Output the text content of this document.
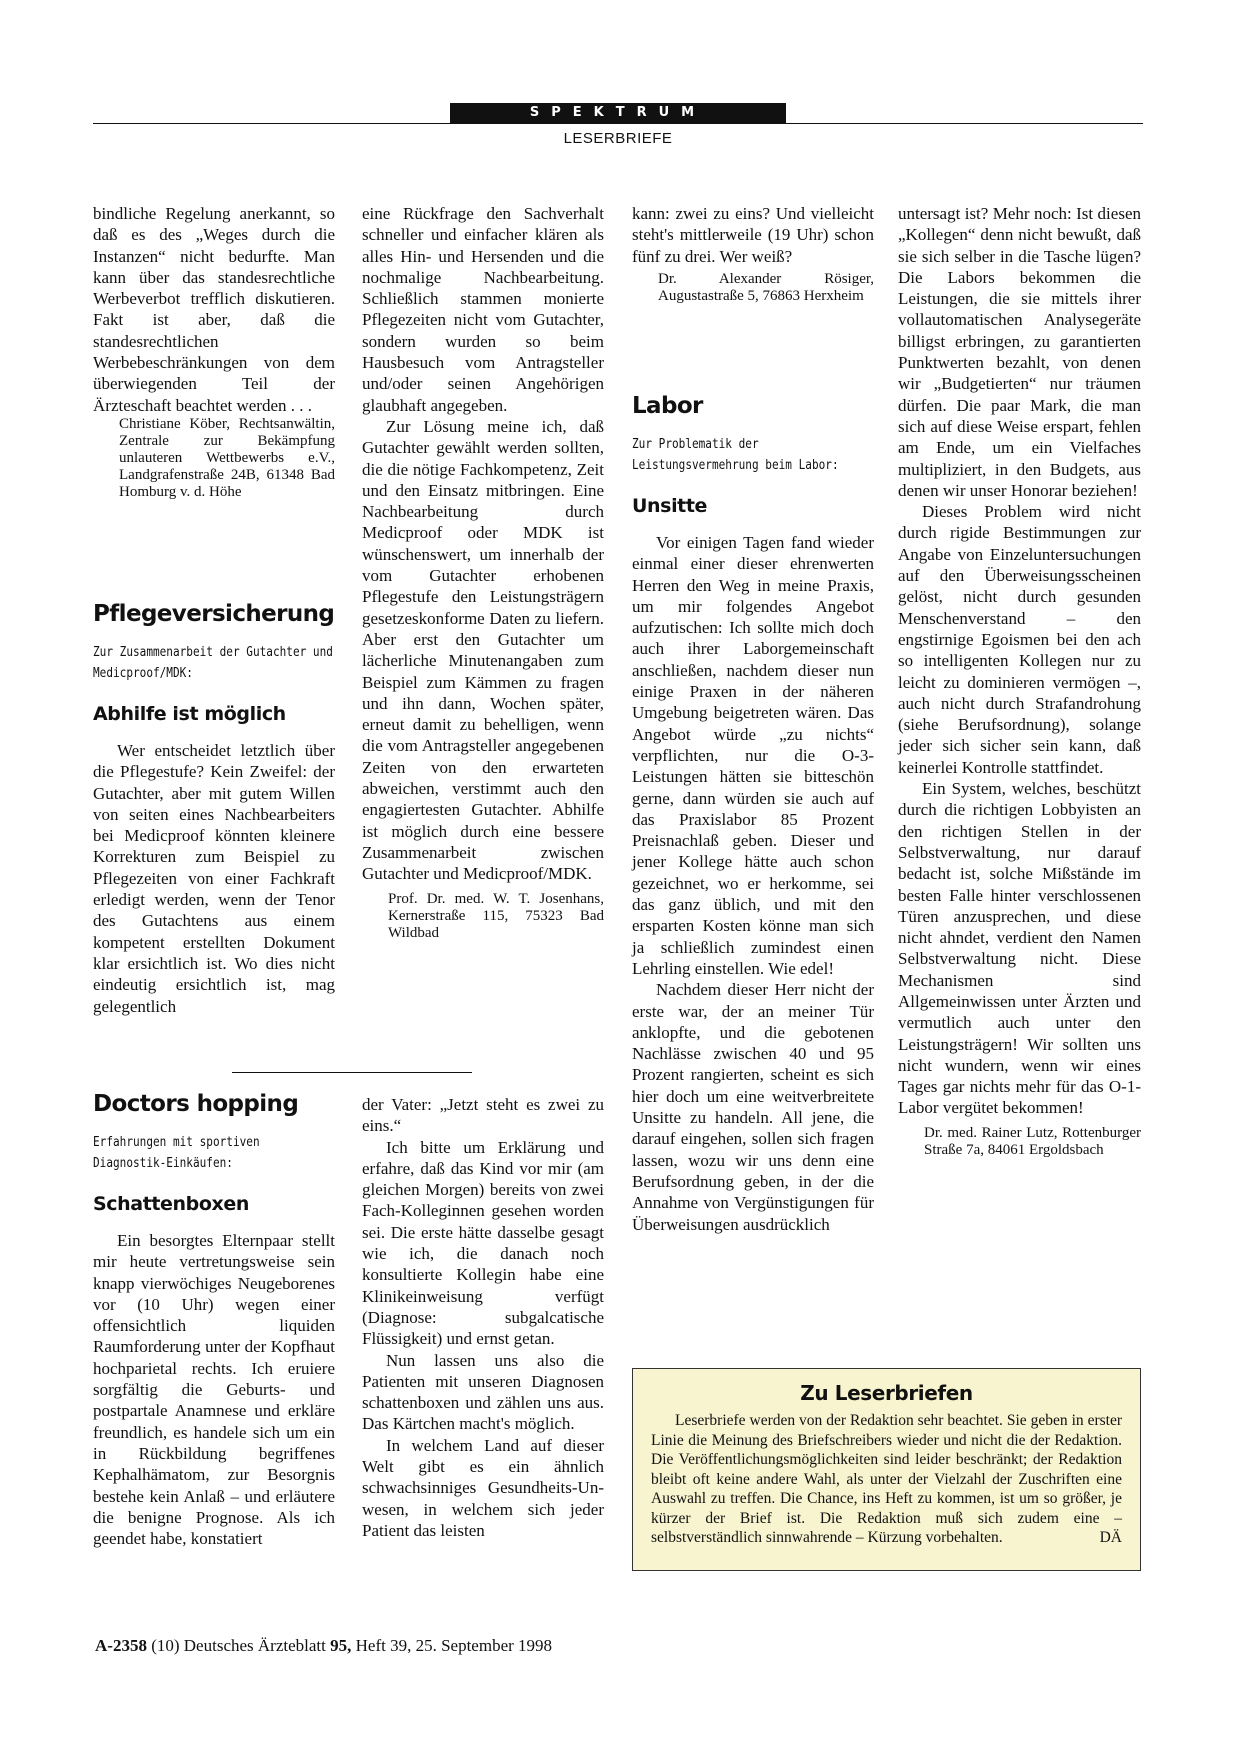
SPEKTRUM
LESERBRIEFE

bindliche Regelung anerkannt, so daß es des „Weges durch die Instanzen“ nicht bedurfte. Man kann über das standesrechtliche Werbeverbot trefflich diskutieren. Fakt ist aber, daß die standesrechtlichen Werbebeschränkungen von dem überwiegenden Teil der Ärzteschaft beachtet werden . . .

Christiane Köber, Rechtsanwältin, Zentrale zur Bekämpfung unlauteren Wettbewerbs e.V., Landgrafenstraße 24B, 61348 Bad Homburg v. d. Höhe

Pflegeversicherung

Zur Zusammenarbeit der Gutachter und Medicproof/MDK:

Abhilfe ist möglich

Wer entscheidet letztlich über die Pflegestufe? Kein Zweifel: der Gutachter, aber mit gutem Willen von seiten eines Nachbearbeiters bei Medicproof könnten kleinere Korrekturen zum Beispiel zu Pflegezeiten von einer Fachkraft erledigt werden, wenn der Tenor des Gutachtens aus einem kompetent erstellten Dokument klar ersichtlich ist. Wo dies nicht eindeutig ersichtlich ist, mag gelegentlich

eine Rückfrage den Sachverhalt schneller und einfacher klären als alles Hin- und Hersenden und die nochmalige Nachbearbeitung. Schließlich stammen monierte Pflegezeiten nicht vom Gutachter, sondern wurden so beim Hausbesuch vom Antragsteller und/oder seinen Angehörigen glaubhaft angegeben.

Zur Lösung meine ich, daß Gutachter gewählt werden sollten, die die nötige Fachkompetenz, Zeit und den Einsatz mitbringen. Eine Nachbearbeitung durch Medicproof oder MDK ist wünschenswert, um innerhalb der vom Gutachter erhobenen Pflegestufe den Leistungsträgern gesetzeskonforme Daten zu liefern. Aber erst den Gutachter um lächerliche Minutenangaben zum Beispiel zum Kämmen zu fragen und ihn dann, Wochen später, erneut damit zu behelligen, wenn die vom Antragsteller angegebenen Zeiten von den erwarteten abweichen, verstimmt auch den engagiertesten Gutachter. Abhilfe ist möglich durch eine bessere Zusammenarbeit zwischen Gutachter und Medicproof/MDK.

Prof. Dr. med. W. T. Josenhans, Kernerstraße 115, 75323 Bad Wildbad

Doctors hopping

Erfahrungen mit sportiven Diagnostik-Einkäufen:

Schattenboxen

Ein besorgtes Elternpaar stellt mir heute vertretungsweise sein knapp vierwöchiges Neugeborenes vor (10 Uhr) wegen einer offensichtlich liquiden Raumforderung unter der Kopfhaut hochparietal rechts. Ich eruiere sorgfältig die Geburts- und postpartale Anamnese und erkläre freundlich, es handele sich um ein in Rückbildung begriffenes Kephalhämatom, zur Besorgnis bestehe kein Anlaß – und erläutere die benigne Prognose. Als ich geendet habe, konstatiert

der Vater: „Jetzt steht es zwei zu eins.“

Ich bitte um Erklärung und erfahre, daß das Kind vor mir (am gleichen Morgen) bereits von zwei Fach-Kolleginnen gesehen worden sei. Die erste hätte dasselbe gesagt wie ich, die danach noch konsultierte Kollegin habe eine Klinikeinweisung verfügt (Diagnose: subgalcatische Flüssigkeit) und ernst getan.

Nun lassen uns also die Patienten mit unseren Diagnosen schattenboxen und zählen uns aus. Das Kärtchen macht's möglich.

In welchem Land auf dieser Welt gibt es ein ähnlich schwachsinniges Gesundheits-Un-wesen, in welchem sich jeder Patient das leisten

kann: zwei zu eins? Und vielleicht steht's mittlerweile (19 Uhr) schon fünf zu drei. Wer weiß?

Dr. Alexander Rösiger, Augustastraße 5, 76863 Herxheim

Labor

Zur Problematik der Leistungsvermehrung beim Labor:

Unsitte

Vor einigen Tagen fand wieder einmal einer dieser ehrenwerten Herren den Weg in meine Praxis, um mir folgendes Angebot aufzutischen: Ich sollte mich doch auch ihrer Laborgemeinschaft anschließen, nachdem dieser nun einige Praxen in der näheren Umgebung beigetreten wären. Das Angebot würde „zu nichts“ verpflichten, nur die O-3-Leistungen hätten sie bitteschön gerne, dann würden sie auch auf das Praxislabor 85 Prozent Preisnachlaß geben. Dieser und jener Kollege hätte auch schon gezeichnet, wo er herkomme, sei das ganz üblich, und mit den ersparten Kosten könne man sich ja schließlich zumindest einen Lehrling einstellen. Wie edel!

Nachdem dieser Herr nicht der erste war, der an meiner Tür anklopfte, und die gebotenen Nachlässe zwischen 40 und 95 Prozent rangierten, scheint es sich hier doch um eine weitverbreitete Unsitte zu handeln. All jene, die darauf eingehen, sollen sich fragen lassen, wozu wir uns denn eine Berufsordnung geben, in der die Annahme von Vergünstigungen für Überweisungen ausdrücklich

untersagt ist? Mehr noch: Ist diesen „Kollegen“ denn nicht bewußt, daß sie sich selber in die Tasche lügen? Die Labors bekommen die Leistungen, die sie mittels ihrer vollautomatischen Analysegeräte billigst erbringen, zu garantierten Punktwerten bezahlt, von denen wir „Budgetierten“ nur träumen dürfen. Die paar Mark, die man sich auf diese Weise erspart, fehlen am Ende, um ein Vielfaches multipliziert, in den Budgets, aus denen wir unser Honorar beziehen!

Dieses Problem wird nicht durch rigide Bestimmungen zur Angabe von Einzeluntersuchungen auf den Überweisungsscheinen gelöst, nicht durch gesunden Menschenverstand – den engstirnige Egoismen bei den ach so intelligenten Kollegen nur zu leicht zu dominieren vermögen –, auch nicht durch Strafandrohung (siehe Berufsordnung), solange jeder sich sicher sein kann, daß keinerlei Kontrolle stattfindet.

Ein System, welches, beschützt durch die richtigen Lobbyisten an den richtigen Stellen in der Selbstverwaltung, nur darauf bedacht ist, solche Mißstände im besten Falle hinter verschlossenen Türen anzusprechen, und diese nicht ahndet, verdient den Namen Selbstverwaltung nicht. Diese Mechanismen sind Allgemeinwissen unter Ärzten und vermutlich auch unter den Leistungsträgern! Wir sollten uns nicht wundern, wenn wir eines Tages gar nichts mehr für das O-1-Labor vergütet bekommen!

Dr. med. Rainer Lutz, Rottenburger Straße 7a, 84061 Ergoldsbach

Zu Leserbriefen

Leserbriefe werden von der Redaktion sehr beachtet. Sie geben in erster Linie die Meinung des Briefschreibers wieder und nicht die der Redaktion. Die Veröffentlichungsmöglichkeiten sind leider beschränkt; der Redaktion bleibt oft keine andere Wahl, als unter der Vielzahl der Zuschriften eine Auswahl zu treffen. Die Chance, ins Heft zu kommen, ist um so größer, je kürzer der Brief ist. Die Redaktion muß sich zudem eine – selbstverständlich sinnwahrende – Kürzung vorbehalten.	DÄ

A-2358 (10) Deutsches Ärzteblatt 95, Heft 39, 25. September 1998
